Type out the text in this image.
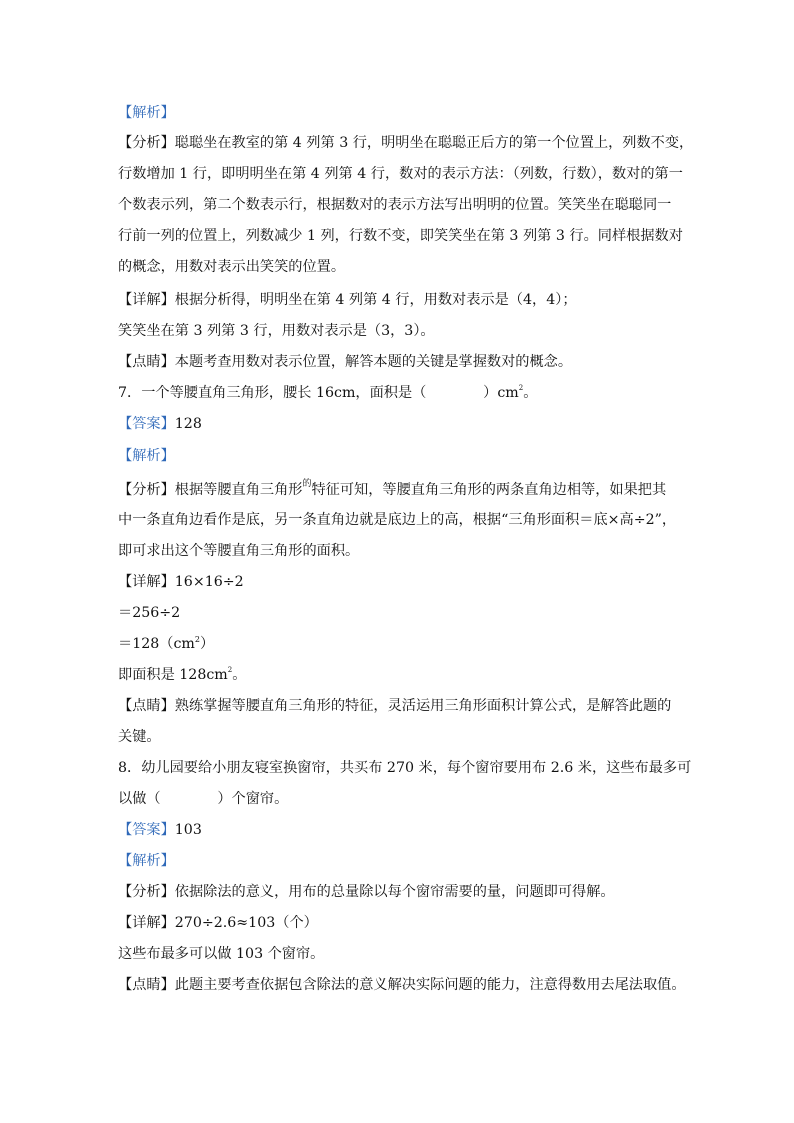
【解析】
【分析】聪聪坐在教室的第 4 列第 3 行，明明坐在聪聪正后方的第一个位置上，列数不变，
行数增加 1 行，即明明坐在第 4 列第 4 行，数对的表示方法：（列数，行数），数对的第一
个数表示列，第二个数表示行，根据数对的表示方法写出明明的位置。笑笑坐在聪聪同一
行前一列的位置上，列数减少 1 列，行数不变，即笑笑坐在第 3 列第 3 行。同样根据数对
的概念，用数对表示出笑笑的位置。
【详解】根据分析得，明明坐在第 4 列第 4 行，用数对表示是（4，4）；
笑笑坐在第 3 列第 3 行，用数对表示是（3，3）。
【点睛】本题考查用数对表示位置，解答本题的关键是掌握数对的概念。
7．一个等腰直角三角形，腰长 16cm，面积是（　　　　	）$cm^2$。
【答案】128
【解析】
【分析】根据等腰直角三角形$^的$特征可知，等腰直角三角形的两条直角边相等，如果把其
中一条直角边看作是底，另一条直角边就是底边上的高，根据“三角形面积＝底×高÷2”，
即可求出这个等腰直角三角形的面积。
【详解】16×16÷2
＝256÷2
$=128(cm^2)$
即面积是 $128cm^2$。
【点睛】熟练掌握等腰直角三角形的特征，灵活运用三角形面积计算公式，是解答此题的
关键。
8．幼儿园要给小朋友寝室换窗帘，共买布 270 米，每个窗帘要用布 2.6 米，这些布最多可
以做（　　　　	）个窗帘。
【答案】103
【解析】
【分析】依据除法的意义，用布的总量除以每个窗帘需要的量，问题即可得解。
【详解】270÷2.6≈103（个）
这些布最多可以做 103 个窗帘。
【点睛】此题主要考查依据包含除法的意义解决实际问题的能力，注意得数用去尾法取值。
